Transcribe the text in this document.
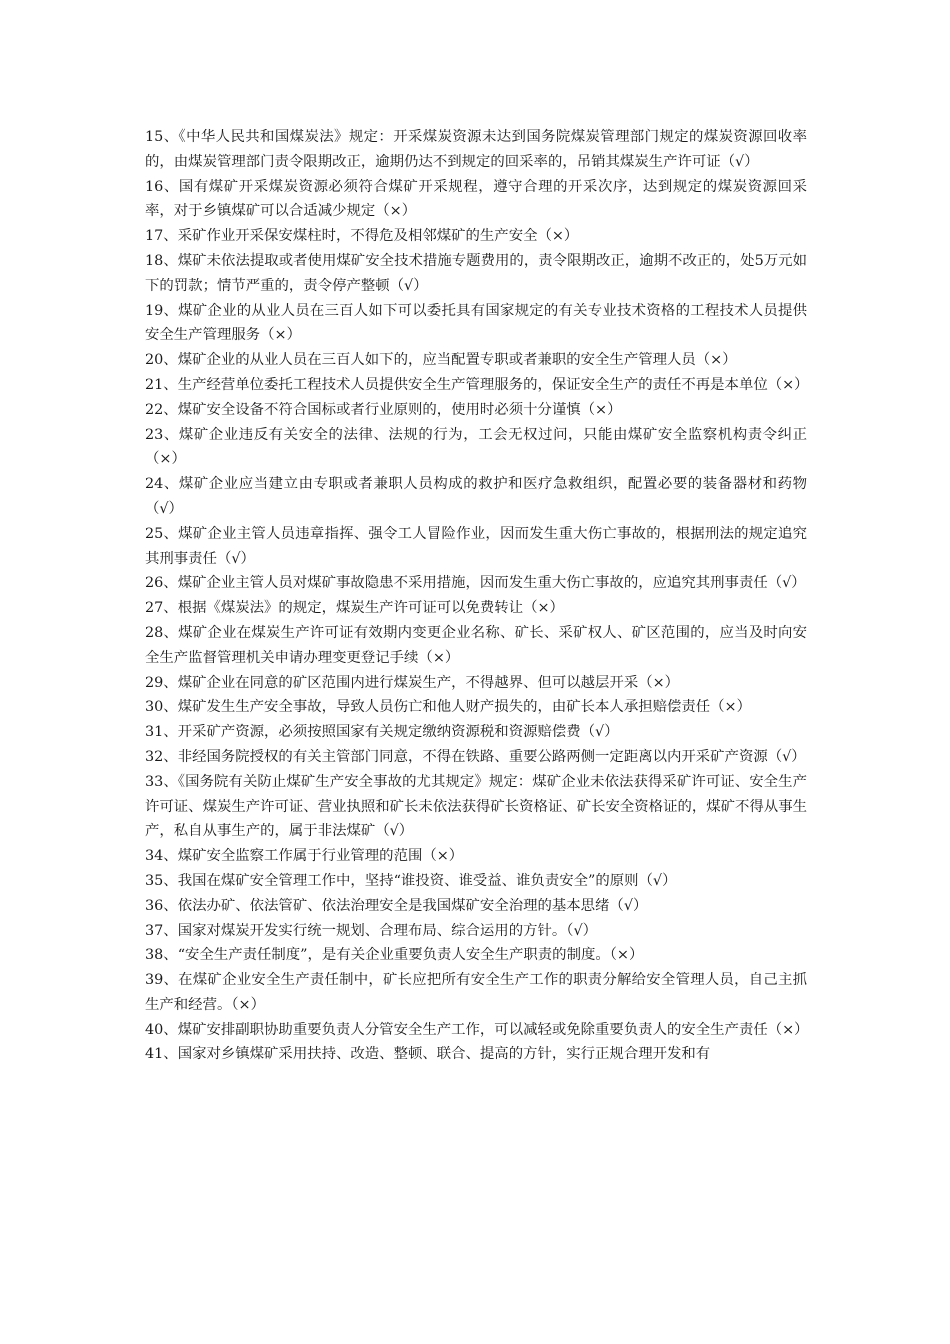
15、《中华人民共和国煤炭法》规定：开采煤炭资源未达到国务院煤炭管理部门规定的煤炭资源回收率的，由煤炭管理部门责令限期改正，逾期仍达不到规定的回采率的，吊销其煤炭生产许可证（√）

16、国有煤矿开采煤炭资源必须符合煤矿开采规程，遵守合理的开采次序，达到规定的煤炭资源回采率，对于乡镇煤矿可以合适减少规定（×）

17、采矿作业开采保安煤柱时，不得危及相邻煤矿的生产安全（×）

18、煤矿未依法提取或者使用煤矿安全技术措施专题费用的，责令限期改正，逾期不改正的，处5万元如下的罚款；情节严重的，责令停产整顿（√）

19、煤矿企业的从业人员在三百人如下可以委托具有国家规定的有关专业技术资格的工程技术人员提供安全生产管理服务（×）

20、煤矿企业的从业人员在三百人如下的，应当配置专职或者兼职的安全生产管理人员（×）

21、生产经营单位委托工程技术人员提供安全生产管理服务的，保证安全生产的责任不再是本单位（×）

22、煤矿安全设备不符合国标或者行业原则的，使用时必须十分谨慎（×）

23、煤矿企业违反有关安全的法律、法规的行为，工会无权过问，只能由煤矿安全监察机构责令纠正（×）

24、煤矿企业应当建立由专职或者兼职人员构成的救护和医疗急救组织，配置必要的装备器材和药物（√）

25、煤矿企业主管人员违章指挥、强令工人冒险作业，因而发生重大伤亡事故的，根据刑法的规定追究其刑事责任（√）

26、煤矿企业主管人员对煤矿事故隐患不采用措施，因而发生重大伤亡事故的，应追究其刑事责任（√）

27、根据《煤炭法》的规定，煤炭生产许可证可以免费转让（×）

28、煤矿企业在煤炭生产许可证有效期内变更企业名称、矿长、采矿权人、矿区范围的，应当及时向安全生产监督管理机关申请办理变更登记手续（×）

29、煤矿企业在同意的矿区范围内进行煤炭生产，不得越界、但可以越层开采（×）

30、煤矿发生生产安全事故，导致人员伤亡和他人财产损失的，由矿长本人承担赔偿责任（×）

31、开采矿产资源，必须按照国家有关规定缴纳资源税和资源赔偿费（√）

32、非经国务院授权的有关主管部门同意，不得在铁路、重要公路两侧一定距离以内开采矿产资源（√）

33、《国务院有关防止煤矿生产安全事故的尤其规定》规定：煤矿企业未依法获得采矿许可证、安全生产许可证、煤炭生产许可证、营业执照和矿长未依法获得矿长资格证、矿长安全资格证的，煤矿不得从事生产，私自从事生产的，属于非法煤矿（√）

34、煤矿安全监察工作属于行业管理的范围（×）

35、我国在煤矿安全管理工作中，坚持“谁投资、谁受益、谁负责安全”的原则（√）

36、依法办矿、依法管矿、依法治理安全是我国煤矿安全治理的基本思绪（√）

37、国家对煤炭开发实行统一规划、合理布局、综合运用的方针。（√）

38、“安全生产责任制度”，是有关企业重要负责人安全生产职责的制度。（×）

39、在煤矿企业安全生产责任制中，矿长应把所有安全生产工作的职责分解给安全管理人员，自己主抓生产和经营。（×）

40、煤矿安排副职协助重要负责人分管安全生产工作，可以减轻或免除重要负责人的安全生产责任（×）

41、国家对乡镇煤矿采用扶持、改造、整顿、联合、提高的方针，实行正规合理开发和有
